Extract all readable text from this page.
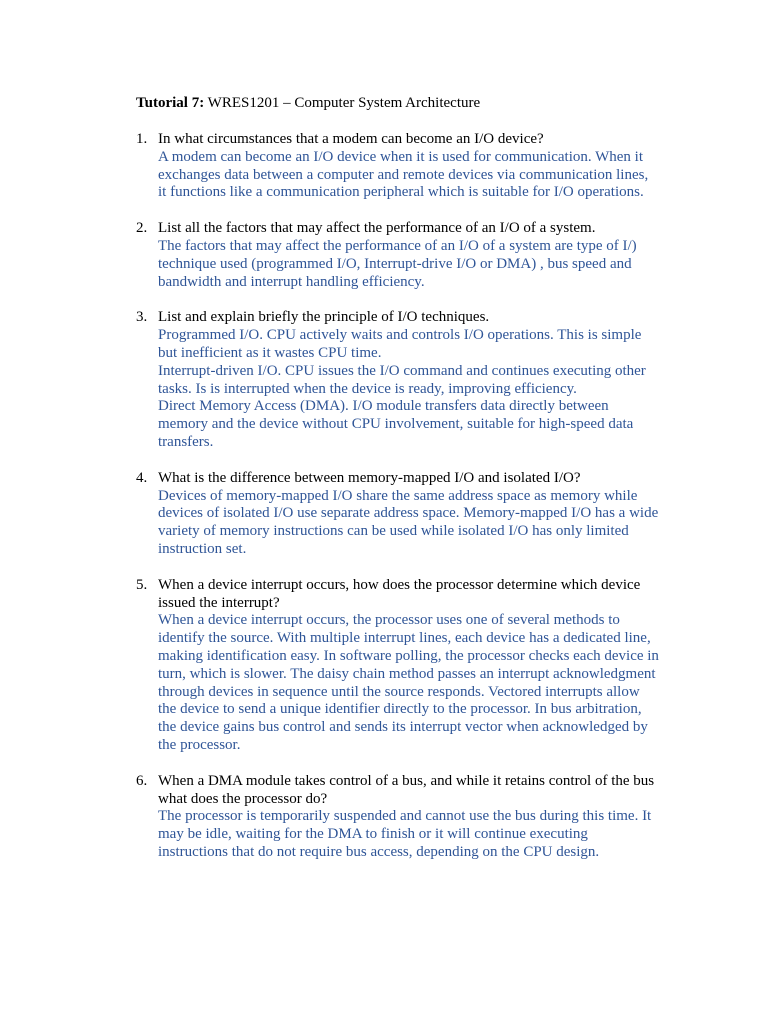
Tutorial 7: WRES1201 – Computer System Architecture
1. In what circumstances that a modem can become an I/O device?
A modem can become an I/O device when it is used for communication. When it exchanges data between a computer and remote devices via communication lines, it functions like a communication peripheral which is suitable for I/O operations.
2. List all the factors that may affect the performance of an I/O of a system.
The factors that may affect the performance of an I/O of a system are type of I/) technique used (programmed I/O, Interrupt-drive I/O or DMA) , bus speed and bandwidth and interrupt handling efficiency.
3. List and explain briefly the principle of I/O techniques.
Programmed I/O. CPU actively waits and controls I/O operations. This is simple but inefficient as it wastes CPU time.
Interrupt-driven I/O. CPU issues the I/O command and continues executing other tasks. Is is interrupted when the device is ready, improving efficiency.
Direct Memory Access (DMA). I/O module transfers data directly between memory and the device without CPU involvement, suitable for high-speed data transfers.
4. What is the difference between memory-mapped I/O and isolated I/O?
Devices of memory-mapped I/O share the same address space as memory while devices of isolated I/O use separate address space. Memory-mapped I/O has a wide variety of memory instructions can be used while isolated I/O has only limited instruction set.
5. When a device interrupt occurs, how does the processor determine which device issued the interrupt?
When a device interrupt occurs, the processor uses one of several methods to identify the source. With multiple interrupt lines, each device has a dedicated line, making identification easy. In software polling, the processor checks each device in turn, which is slower. The daisy chain method passes an interrupt acknowledgment through devices in sequence until the source responds. Vectored interrupts allow the device to send a unique identifier directly to the processor. In bus arbitration, the device gains bus control and sends its interrupt vector when acknowledged by the processor.
6. When a DMA module takes control of a bus, and while it retains control of the bus what does the processor do?
The processor is temporarily suspended and cannot use the bus during this time. It may be idle, waiting for the DMA to finish or it will continue executing instructions that do not require bus access, depending on the CPU design.
